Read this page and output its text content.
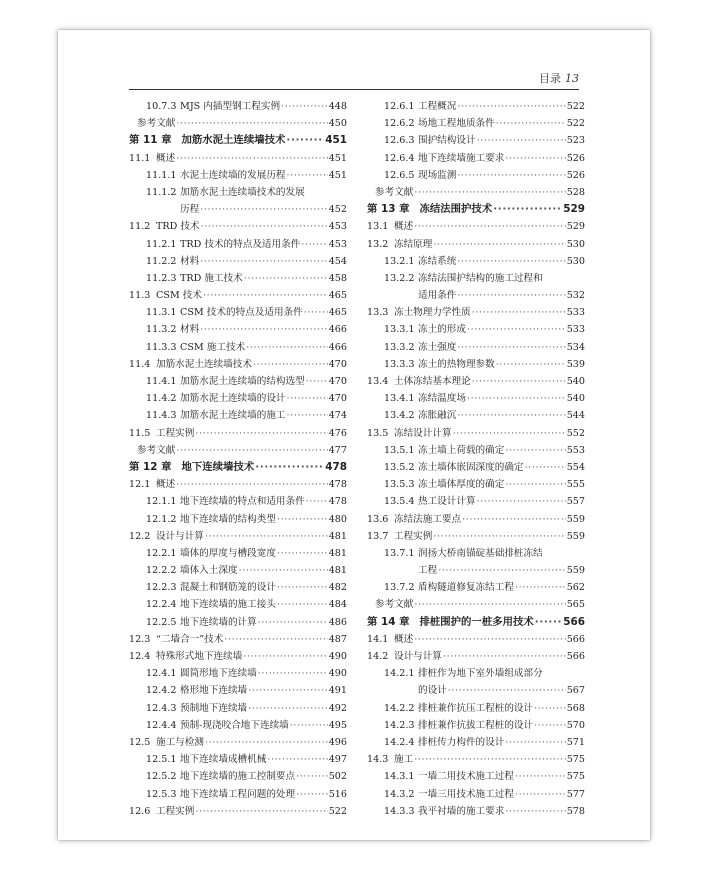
目录 13
10.7.3 MJS 内插型钢工程实例 ·····	448
参考文献 ·····	450
第 11 章 加筋水泥土连续墙技术 ·····	451
11.1 概述 ·····	451
11.1.1 水泥土连续墙的发展历程 ·····	451
11.1.2 加筋水泥土连续墙技术的发展
历程 ·····	452
11.2 TRD 技术 ·····	453
11.2.1 TRD 技术的特点及适用条件 ·····	453
11.2.2 材料 ·····	454
11.2.3 TRD 施工技术 ·····	458
11.3 CSM 技术 ·····	465
11.3.1 CSM 技术的特点及适用条件 ·····	465
11.3.2 材料 ·····	466
11.3.3 CSM 施工技术 ·····	466
11.4 加筋水泥土连续墙技术 ·····	470
11.4.1 加筋水泥土连续墙的结构选型 ····· 470
11.4.2 加筋水泥土连续墙的设计 ·····	470
11.4.3 加筋水泥土连续墙的施工 ·····	474
11.5 工程实例 ·····	476
参考文献 ·····	477
第 12 章 地下连续墙技术 ·····	478
12.1 概述 ·····	478
12.1.1 地下连续墙的特点和适用条件 ····· 478
12.1.2 地下连续墙的结构类型 ·····	480
12.2 设计与计算 ·····	481
12.2.1 墙体的厚度与槽段宽度 ·····	481
12.2.2 墙体入土深度 ·····	481
12.2.3 混凝土和钢筋笼的设计 ·····	482
12.2.4 地下连续墙的施工接头 ·····	484
12.2.5 地下连续墙的计算 ·····	486
12.3 “二墙合一”技术 ·····	487
12.4 特殊形式地下连续墙 ·····	490
12.4.1 圆筒形地下连续墙 ·····	490
12.4.2 格形地下连续墙 ·····	491
12.4.3 预制地下连续墙 ·····	492
12.4.4 预制-现浇咬合地下连续墙 ·····	495
12.5 施工与检测 ·····	496
12.5.1 地下连续墙成槽机械 ·····	497
12.5.2 地下连续墙的施工控制要点 ·····	502
12.5.3 地下连续墙工程问题的处理 ·····	516
12.6 工程实例 ·····	522
12.6.1 工程概况 ·····	522
12.6.2 场地工程地质条件 ·····	522
12.6.3 围护结构设计 ·····	523
12.6.4 地下连续墙施工要求 ·····	526
12.6.5 现场监测 ·····	526
参考文献 ·····	528
第 13 章 冻结法围护技术 ·····	529
13.1 概述 ·····	529
13.2 冻结原理 ·····	530
13.2.1 冻结系统 ·····	530
13.2.2 冻结法围护结构的施工过程和
适用条件 ·····	532
13.3 冻土物理力学性质 ·····	533
13.3.1 冻土的形成 ·····	533
13.3.2 冻土强度 ·····	534
13.3.3 冻土的热物理参数 ·····	539
13.4 土体冻结基本理论 ·····	540
13.4.1 冻结温度场 ·····	540
13.4.2 冻胀融沉 ·····	544
13.5 冻结设计计算 ·····	552
13.5.1 冻土墙上荷载的确定 ·····	553
13.5.2 冻土墙体嵌固深度的确定 ·····	554
13.5.3 冻土墙体厚度的确定 ·····	555
13.5.4 热工设计计算 ·····	557
13.6 冻结法施工要点 ·····	559
13.7 工程实例 ·····	559
13.7.1 润扬大桥南锚碇基础排桩冻结
工程 ·····	559
13.7.2 盾构隧道修复冻结工程 ·····	562
参考文献 ·····	565
第 14 章 排桩围护的一桩多用技术 ·····	566
14.1 概述 ·····	566
14.2 设计与计算 ·····	566
14.2.1 排桩作为地下室外墙组成部分
的设计 ·····	567
14.2.2 排桩兼作抗压工程桩的设计 ·····	568
14.2.3 排桩兼作抗拔工程桩的设计 ·····	570
14.2.4 排桩传力构件的设计 ·····	571
14.3 施工 ·····	575
14.3.1 一墙二用技术施工过程 ·····	575
14.3.2 一墙三用技术施工过程 ·····	577
14.3.3 我平衬墙的施工要求 ·····	578
